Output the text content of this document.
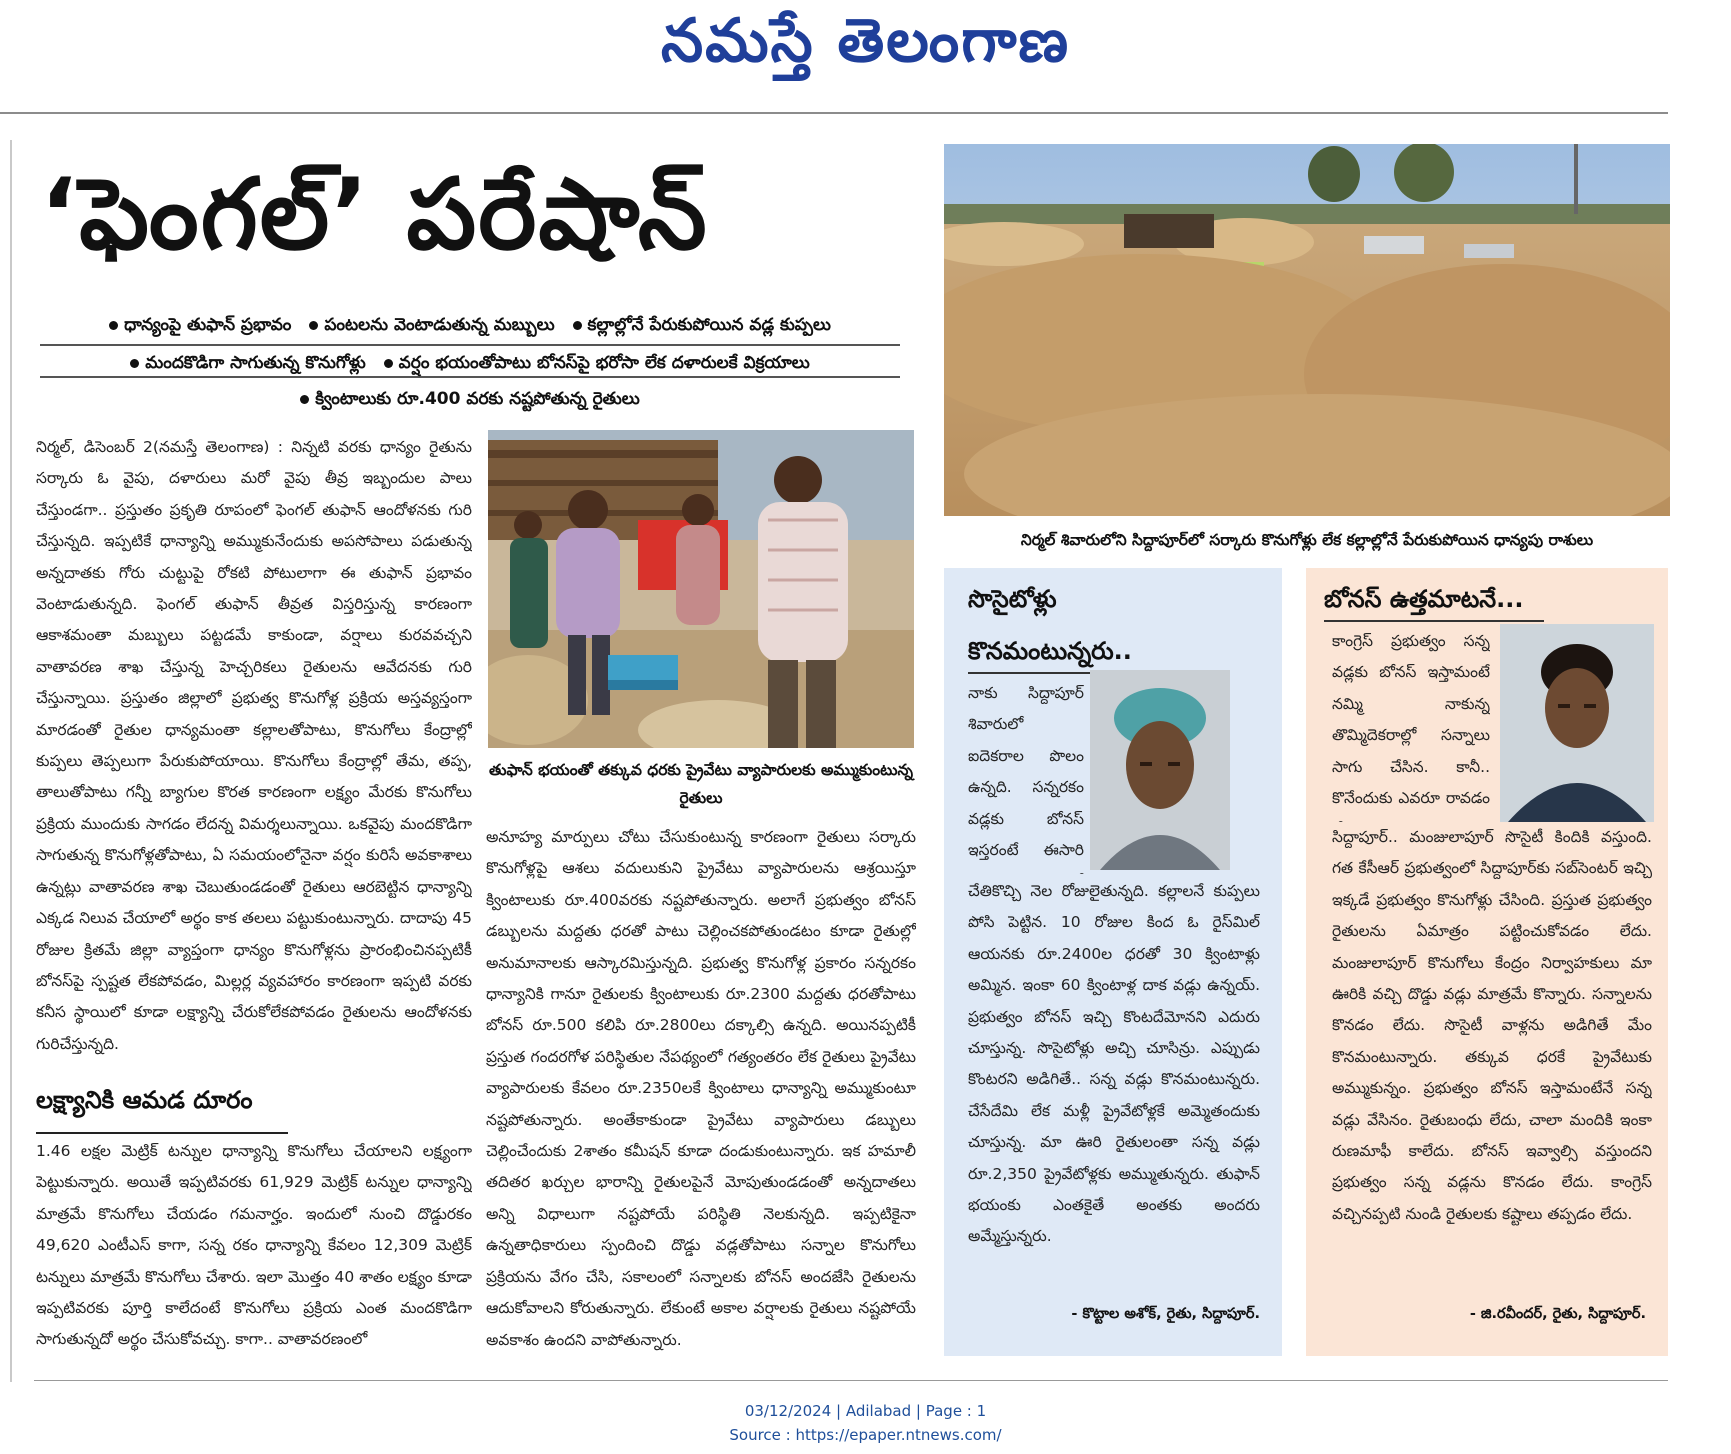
నమస్తే తెలంగాణ
‘ఫెంగల్’ పరేషాన్
ధాన్యంపై తుఫాన్ ప్రభావం పంటలను వెంటాడుతున్న మబ్బులు కల్లాల్లోనే పేరుకుపోయిన వడ్ల కుప్పలు
మందకొడిగా సాగుతున్న కొనుగోళ్లు వర్షం భయంతోపాటు బోనస్‌పై భరోసా లేక దళారులకే విక్రయాలు
క్వింటాలుకు రూ.400 వరకు నష్టపోతున్న రైతులు

నిర్మల్, డిసెంబర్ 2(నమస్తే తెలంగాణ) : నిన్నటి వరకు ధాన్యం రైతును సర్కారు ఓ వైపు, దళారులు మరో వైపు తీవ్ర ఇబ్బందుల పాలు చేస్తుండగా.. ప్రస్తుతం ప్రకృతి రూపంలో ఫెంగల్ తుఫాన్ ఆందోళనకు గురి చేస్తున్నది. ఇప్పటికే ధాన్యాన్ని అమ్ముకునేందుకు అపసోపాలు పడుతున్న అన్నదాతకు గోరు చుట్టుపై రోకటి పోటులాగా ఈ తుఫాన్ ప్రభావం వెంటాడుతున్నది. ఫెంగల్ తుఫాన్ తీవ్రత విస్తరిస్తున్న కారణంగా ఆకాశమంతా మబ్బులు పట్టడమే కాకుండా, వర్షాలు కురవవచ్చని వాతావరణ శాఖ చేస్తున్న హెచ్చరికలు రైతులను ఆవేదనకు గురి చేస్తున్నాయి. ప్రస్తుతం జిల్లాలో ప్రభుత్వ కొనుగోళ్ల ప్రక్రియ అస్తవ్యస్తంగా మారడంతో రైతుల ధాన్యమంతా కల్లాలతోపాటు, కొనుగోలు కేంద్రాల్లో కుప్పలు తెప్పలుగా పేరుకుపోయాయి. కొనుగోలు కేంద్రాల్లో తేమ, తప్ప, తాలుతోపాటు గన్నీ బ్యాగుల కొరత కారణంగా లక్ష్యం మేరకు కొనుగోలు ప్రక్రియ ముందుకు సాగడం లేదన్న విమర్శలున్నాయి. ఒకవైపు మందకొడిగా సాగుతున్న కొనుగోళ్లతోపాటు, ఏ సమయంలోనైనా వర్షం కురిసే అవకాశాలు ఉన్నట్లు వాతావరణ శాఖ చెబుతుండడంతో రైతులు ఆరబెట్టిన ధాన్యాన్ని ఎక్కడ నిలువ చేయాలో అర్థం కాక తలలు పట్టుకుంటున్నారు. దాదాపు 45 రోజుల క్రితమే జిల్లా వ్యాప్తంగా ధాన్యం కొనుగోళ్లను ప్రారంభించినప్పటికీ బోనస్‌పై స్పష్టత లేకపోవడం, మిల్లర్ల వ్యవహారం కారణంగా ఇప్పటి వరకు కనీస స్థాయిలో కూడా లక్ష్యాన్ని చేరుకోలేకపోవడం రైతులను ఆందోళనకు గురిచేస్తున్నది.

లక్ష్యానికి ఆమడ దూరం

1.46 లక్షల మెట్రిక్ టన్నుల ధాన్యాన్ని కొనుగోలు చేయాలని లక్ష్యంగా పెట్టుకున్నారు. అయితే ఇప్పటివరకు 61,929 మెట్రిక్ టన్నుల ధాన్యాన్ని మాత్రమే కొనుగోలు చేయడం గమనార్హం. ఇందులో నుంచి దొడ్డురకం 49,620 ఎంటీఎస్ కాగా, సన్న రకం ధాన్యాన్ని కేవలం 12,309 మెట్రిక్ టన్నులు మాత్రమే కొనుగోలు చేశారు. ఇలా మొత్తం 40 శాతం లక్ష్యం కూడా ఇప్పటివరకు పూర్తి కాలేదంటే కొనుగోలు ప్రక్రియ ఎంత మందకొడిగా సాగుతున్నదో అర్థం చేసుకోవచ్చు. కాగా.. వాతావరణంలో

తుఫాన్ భయంతో తక్కువ ధరకు ప్రైవేటు వ్యాపారులకు అమ్ముకుంటున్న రైతులు

అనూహ్య మార్పులు చోటు చేసుకుంటున్న కారణంగా రైతులు సర్కారు కొనుగోళ్లపై ఆశలు వదులుకుని ప్రైవేటు వ్యాపారులను ఆశ్రయిస్తూ క్వింటాలుకు రూ.400వరకు నష్టపోతున్నారు. అలాగే ప్రభుత్వం బోనస్ డబ్బులను మద్దతు ధరతో పాటు చెల్లించకపోతుండటం కూడా రైతుల్లో అనుమానాలకు ఆస్కారమిస్తున్నది. ప్రభుత్వ కొనుగోళ్ల ప్రకారం సన్నరకం ధాన్యానికి గానూ రైతులకు క్వింటాలుకు రూ.2300 మద్దతు ధరతోపాటు బోనస్ రూ.500 కలిపి రూ.2800లు దక్కాల్సి ఉన్నది. అయినప్పటికీ ప్రస్తుత గందరగోళ పరిస్థితుల నేపథ్యంలో గత్యంతరం లేక రైతులు ప్రైవేటు వ్యాపారులకు కేవలం రూ.2350లకే క్వింటాలు ధాన్యాన్ని అమ్ముకుంటూ నష్టపోతున్నారు. అంతేకాకుండా ప్రైవేటు వ్యాపారులు డబ్బులు చెల్లించేందుకు 2శాతం కమీషన్ కూడా దండుకుంటున్నారు. ఇక హమాలీ తదితర ఖర్చుల భారాన్ని రైతులపైనే మోపుతుండడంతో అన్నదాతలు అన్ని విధాలుగా నష్టపోయే పరిస్థితి నెలకున్నది. ఇప్పటికైనా ఉన్నతాధికారులు స్పందించి దొడ్డు వడ్లతోపాటు సన్నాల కొనుగోలు ప్రక్రియను వేగం చేసి, సకాలంలో సన్నాలకు బోనస్ అందజేసి రైతులను ఆదుకోవాలని కోరుతున్నారు. లేకుంటే అకాల వర్షాలకు రైతులు నష్టపోయే అవకాశం ఉందని వాపోతున్నారు.

నిర్మల్ శివారులోని సిద్దాపూర్‌లో సర్కారు కొనుగోళ్లు లేక కల్లాల్లోనే పేరుకుపోయిన ధాన్యపు రాశులు
సొసైటోళ్లు
కొనమంటున్నరు..
నాకు సిద్దాపూర్ శివారులో ఐదెకరాల పొలం ఉన్నది. సన్నరకం వడ్లకు బోనస్ ఇస్తరంటే ఈసారి
చేతికొచ్చి నెల రోజులైతున్నది. కల్లాలనే కుప్పలు పోసి పెట్టిన. 10 రోజుల కింద ఓ రైస్‌మిల్ ఆయనకు రూ.2400ల ధరతో 30 క్వింటాళ్లు అమ్మిన. ఇంకా 60 క్వింటాళ్ల దాక వడ్లు ఉన్నయ్. ప్రభుత్వం బోనస్ ఇచ్చి కొంటదేమోనని ఎదురు చూస్తున్న. సొసైటోళ్లు అచ్చి చూసిన్రు. ఎప్పుడు కొంటరని అడిగితే.. సన్న వడ్లు కొనమంటున్నరు. చేసేదేమి లేక మళ్లీ ప్రైవేటోళ్లకే అమ్మెతందుకు చూస్తున్న. మా ఊరి రైతులంతా సన్న వడ్లు రూ.2,350 ప్రైవేటోళ్లకు అమ్ముతున్నరు. తుఫాన్ భయంకు ఎంతకైతే అంతకు అందరు అమ్మేస్తున్నరు.
- కొట్టాల అశోక్, రైతు, సిద్దాపూర్.
బోనస్ ఉత్తమాటనే...
కాంగ్రెస్ ప్రభుత్వం సన్న వడ్లకు బోనస్ ఇస్తామంటే నమ్మి నాకున్న తొమ్మిదెకరాల్లో సన్నాలు సాగు చేసిన. కానీ.. కొనేందుకు ఎవరూ రావడం
సిద్దాపూర్.. మంజులాపూర్ సొసైటీ కిందికి వస్తుంది. గత కేసీఆర్ ప్రభుత్వంలో సిద్దాపూర్‌కు సబ్‌సెంటర్ ఇచ్చి ఇక్కడే ప్రభుత్వం కొనుగోళ్లు చేసింది. ప్రస్తుత ప్రభుత్వం రైతులను ఏమాత్రం పట్టించుకోవడం లేదు. మంజులాపూర్ కొనుగోలు కేంద్రం నిర్వాహకులు మా ఊరికి వచ్చి దొడ్డు వడ్లు మాత్రమే కొన్నారు. సన్నాలను కొనడం లేదు. సొసైటీ వాళ్లను అడిగితే మేం కొనమంటున్నారు. తక్కువ ధరకే ప్రైవేటుకు అమ్ముకున్నం. ప్రభుత్వం బోనస్ ఇస్తామంటేనే సన్న వడ్లు వేసినం. రైతుబంధు లేదు, చాలా మందికి ఇంకా రుణమాఫీ కాలేదు. బోనస్ ఇవ్వాల్సి వస్తుందని ప్రభుత్వం సన్న వడ్లను కొనడం లేదు. కాంగ్రెస్ వచ్చినప్పటి నుండి రైతులకు కష్టాలు తప్పడం లేదు.
- జి.రవీందర్, రైతు, సిద్దాపూర్.
03/12/2024 | Adilabad | Page : 1
Source : https://epaper.ntnews.com/
